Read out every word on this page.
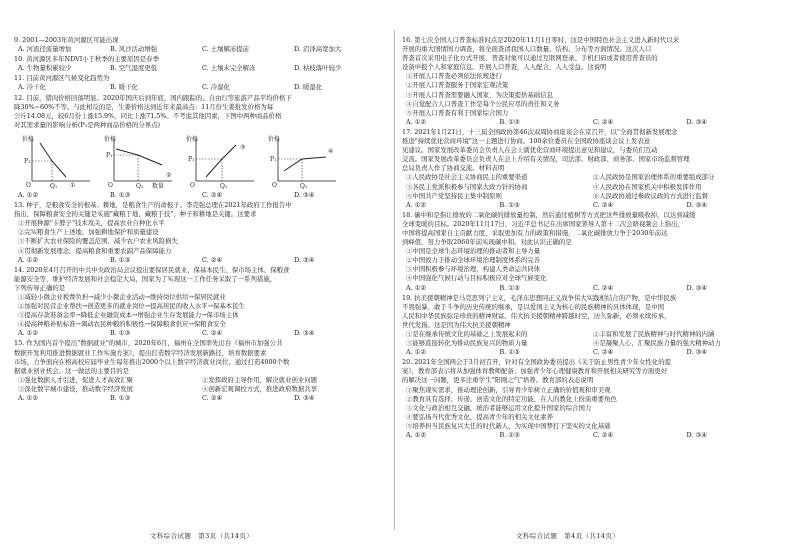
9. 2001—2003年黄河源区可能出现

A. 河流径流量增加	B. 风沙活动增强	C. 土壤解冻提前	D. 沼泽高宽加大

10. 黄河源区多年NDVI小于秋季的主要原因是春季

A. 生物量积累较少	B. 空气湿度更低	C. 土壤未完全解冻	D. 枯枝落叶较少

11. 目前黄河源区气候变化趋势为

A. 冷干化	B. 暖干化	C. 冷湿化	D. 暖湿化

12. 目前，猪肉价格回落明显。2020年国庆后到年底，国内跟踪的、自由行等旅游产品平均价格下

降30%~60%不等。与此相反的是，生姜价格达到近年来最高点：11月份生姜批发价格为每

公斤14.08元，较6月份上涨15.9%，同比上涨71.5%。不考虑其他因素，下图中两种商品价格

对其需求量的影响分析(P₁是两种商品价格的分界点)

价格
P₁
O	Q₁ ①
价格
P₁
O	Q₁ 数量
②
价格
P₁
O	Q₁
③
价格
P₁
O	Q₁
④
A. ①②	B. ①③	C. ②④	D. ③④

13. 种子，是粮食安全的根基；耕地，是粮食生产的命根子。李克强总理在2021年政府工作报告中

指出，保障粮食安全的关键是实施"藏粮于地、藏粮于技"，种子和耕地是关键。这要求

①开展种源"卡脖子"技术攻关，提高农业自种化水平

②完实粮食生产上述地，加强耕地保护和质量建设

③不断扩大农业保险的覆盖范围，减少农户农业风险损失

④贯彻新发展理念，提高粮食和重要农副产品保障能力

A. ①②	B. ①③	C. ②④	D. ③④

14. 2020年4月召开的中共中央政治局会议提出要保居民就业、保基本民生、保市场主体、保粮食

能源安全等，维护经济发展和社会稳定大局，国家为了实现这一工作任务采取了一系列措施，

下列传导正确的是

①减轻小微企业税费负担→减少小微企业活动→维持岗位供给→保居民就业

②加强对民营企业帮扶→创造更多的就业岗位→提高居民的收入水平→保基本民生

③提高存款准备金率→降低企业融资成本→增强企业生存发展能力→保市场主体

④提高种粮补贴标准→调动农民种粮的积极性→保障粮食供应→保粮食安全

A. ①②	B. ①③	C. ②④	D. ③④

15. 作为国内首个提出"数据就业"的城市，2020年6月，福州在全国率先出台《福州市加强公共

数据开发利用推进数据就业工作实施方案》，提出打造数字经济发展新路径，培育数据要素

市场，力争面向在榕高校应届毕业生每年推出2000个以上数字经济就业岗位，通过打造4000个数

据就业创业机会。这一做法的主要目的是

①强化数据人才引进，促进人才高效汇聚	②发挥政府主导作用，解决就业创业问题
③深化数字城市建设，推动数字经济发展	④创新宏观调控方式，推进政府数据共享
A. ①②	B. ①③	C. ②④	D. ③④

16. 第七次全国人口普查标准时点是2020年11月1日零时，这是中国特色社会主义进入新时代以来

开展的重大国情国力调查，将全面查清我国人口数量、结构、分布等方面情况。这次人口

普查首次采用电子化方式开展，普查对象可以通过互联网登录、手机扫码或者使用普查员的

设备申报个人和家庭信息。开展人口普查，人人配合，人人受益。这说明

①开展人口普查必须依法依规进行

②开展人口普查服务于国家宏观决策

③开展人口普查需要融入国家，为决策提供基础信息

④自觉配合人口普查工作是每个公民应尽的责任和义务

⑤开展人口普查有利于国家综合国力

A. ①②	B. ①③	C. ②④	D. ③④

17. 2021年1月21日，十三届全国政协第46次双周协商座谈会在京召开，以"全面贯彻新发展理念

推进"持续优化营商环境"这一主题进行协商。100余位委员在全国政协座谈会议上发表意

见建议。国家发展改革委员会负责人在会上就优化营商环境提出意见和建议，与委员们互动

交流。国家发展改革委员会负责人在会上介绍有关情况，司法部、财政部、商务部、国家市场监督管理

总局负责人作了协商交流。材料表明

①人民政协是社会主义协商民主的重要渠道	②人民政协是国家治理体系的重要组成部分
③各民主党派积极参与国家大政方针的协商	④人民政协在国家机关中积极发挥作用
⑤中国共产党坚持民主集中制原则	⑥人民政协通过参政议政的方式进行监督
A. ①②	B. ①③	C. ②④	D. ③④

18. 碳中和是指让排放的二氧化碳的排放量控制，然后通过植树等方式把这些排放量吸收掉，以达到减缓

全球变暖的目标。2020年11月17日，习近平总书记在出席国家领导人第十二次会晤视频会上指出，

中国将提高国家自主贡献力度，采取更加有力的政策和措施，二氧化碳排放力争于2030年前达

到峰值，努力争取2060年前实现碳中和。对此认识正确的是

①中国是全球生态环境治理的推动者和主导力量

②中国致力于推动全球环境治理制度体系的完善

③中国积极参与环境治理，构建人类命运共同体

④中国强化气候行动与目标积极应对全球气候变化

A. ①②	B. ①③	C. ②④	D. ③④

19. 抗美援朝精神是马克思列宁主义，毛泽东思想同正义战争伟大实践相结合的产物，是中华民族

不畏强暴、敢于斗争的历史传统的继承，是以爱国主义为核心的民族精神的具体体现，是中国

人民和中华民族弥足珍贵的精神财富。伟大抗美援朝精神跨越时空，历久弥新，必须永续传承、

世代发扬。这是因为伟大抗美援朝精神

①是在继承传统文化的基础之上发展起来的	②丰富和发展了民族精神与时代精神的内涵
③能够直接转化为推动民族复兴的物质力量	④是凝聚人心，汇聚民族力量的强大精神动力
A. ①②	B. ①③	C. ②④	D. ③④

20. 2021年全国两会于3月初召开，针对有全国政协委员提出《关于防止男性青少年女性化的提

案》，教育部表示将从加强体育教师配备、加强青少年心理健康教育和开展相关研究等方面更好

的解决这一问题，更多注重学生"阳刚之气"培养。教育部的表态说明

①聚焦现实需求，推动理论创新，引导青少年树立正确的价值观和审美观

②教育具有选择、传递、创造文化的特定功能，在人的教化上扮演重要角色

③文化与政治相互交融，统治者能够运用文化提升国家的综合国力

④要弘扬当代优秀文化，提高青少年的相关文化素养

⑤培养担当民族复兴大任的时代新人，为实现中国梦打下坚实的文化基础

A. ①②	B. ①③	C. ②④	D. ③④
文科综合试题　第3页（共14页）	文科综合试题　第4页（共14页）
